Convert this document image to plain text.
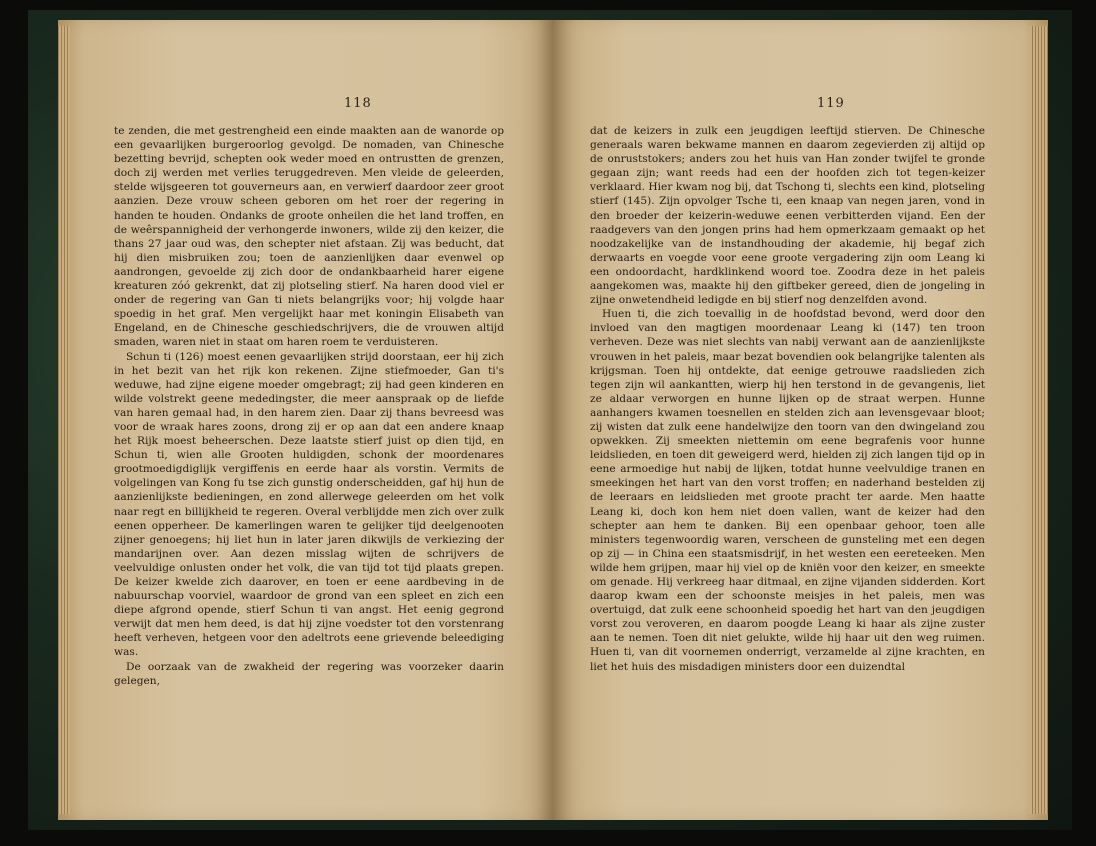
118

te zenden, die met gestrengheid een einde maakten aan de wanorde op een gevaarlijken burgeroorlog gevolgd. De nomaden, van Chinesche bezetting bevrijd, schepten ook weder moed en ontrustten de grenzen, doch zij werden met verlies teruggedreven. Men vleide de geleerden, stelde wijsgeeren tot gouverneurs aan, en verwierf daardoor zeer groot aanzien. Deze vrouw scheen geboren om het roer der regering in handen te houden. Ondanks de groote onheilen die het land troffen, en de weêrspannigheid der verhongerde inwoners, wilde zij den keizer, die thans 27 jaar oud was, den schepter niet afstaan. Zij was beducht, dat hij dien misbruiken zou; toen de aanzienlijken daar evenwel op aandrongen, gevoelde zij zich door de ondankbaarheid harer eigene kreaturen zóó gekrenkt, dat zij plotseling stierf. Na haren dood viel er onder de regering van Gan ti niets belangrijks voor; hij volgde haar spoedig in het graf. Men vergelijkt haar met koningin Elisabeth van Engeland, en de Chinesche geschiedschrijvers, die de vrouwen altijd smaden, waren niet in staat om haren roem te verduisteren.

Schun ti (126) moest eenen gevaarlijken strijd doorstaan, eer hij zich in het bezit van het rijk kon rekenen. Zijne stiefmoeder, Gan ti's weduwe, had zijne eigene moeder omgebragt; zij had geen kinderen en wilde volstrekt geene mededingster, die meer aanspraak op de liefde van haren gemaal had, in den harem zien. Daar zij thans bevreesd was voor de wraak hares zoons, drong zij er op aan dat een andere knaap het Rijk moest beheerschen. Deze laatste stierf juist op dien tijd, en Schun ti, wien alle Grooten huldigden, schonk der moordenares grootmoedigdiglijk vergiffenis en eerde haar als vorstin. Vermits de volgelingen van Kong fu tse zich gunstig onderscheidden, gaf hij hun de aanzienlijkste bedieningen, en zond allerwege geleerden om het volk naar regt en billijkheid te regeren. Overal verblijdde men zich over zulk eenen opperheer. De kamerlingen waren te gelijker tijd deelgenooten zijner genoegens; hij liet hun in later jaren dikwijls de verkiezing der mandarijnen over. Aan dezen misslag wijten de schrijvers de veelvuldige onlusten onder het volk, die van tijd tot tijd plaats grepen. De keizer kwelde zich daarover, en toen er eene aardbeving in de nabuurschap voorviel, waardoor de grond van een spleet en zich een diepe afgrond opende, stierf Schun ti van angst. Het eenig gegrond verwijt dat men hem deed, is dat hij zijne voedster tot den vorstenrang heeft verheven, hetgeen voor den adeltrots eene grievende beleediging was.

De oorzaak van de zwakheid der regering was voorzeker daarin gelegen,

119

dat de keizers in zulk een jeugdigen leeftijd stierven. De Chinesche generaals waren bekwame mannen en daarom zegevierden zij altijd op de onruststokers; anders zou het huis van Han zonder twijfel te gronde gegaan zijn; want reeds had een der hoofden zich tot tegen-keizer verklaard. Hier kwam nog bij, dat Tschong ti, slechts een kind, plotseling stierf (145). Zijn opvolger Tsche ti, een knaap van negen jaren, vond in den broeder der keizerin-weduwe eenen verbitterden vijand. Een der raadgevers van den jongen prins had hem opmerkzaam gemaakt op het noodzakelijke van de instandhouding der akademie, hij begaf zich derwaarts en voegde voor eene groote vergadering zijn oom Leang ki een ondoordacht, hardklinkend woord toe. Zoodra deze in het paleis aangekomen was, maakte hij den giftbeker gereed, dien de jongeling in zijne onwetendheid ledigde en bij stierf nog denzelfden avond.

Huen ti, die zich toevallig in de hoofdstad bevond, werd door den invloed van den magtigen moordenaar Leang ki (147) ten troon verheven. Deze was niet slechts van nabij verwant aan de aanzienlijkste vrouwen in het paleis, maar bezat bovendien ook belangrijke talenten als krijgsman. Toen hij ontdekte, dat eenige getrouwe raadslieden zich tegen zijn wil aankantten, wierp hij hen terstond in de gevangenis, liet ze aldaar verworgen en hunne lijken op de straat werpen. Hunne aanhangers kwamen toesnellen en stelden zich aan levensgevaar bloot; zij wisten dat zulk eene handelwijze den toorn van den dwingeland zou opwekken. Zij smeekten niettemin om eene begrafenis voor hunne leidslieden, en toen dit geweigerd werd, hielden zij zich langen tijd op in eene armoedige hut nabij de lijken, totdat hunne veelvuldige tranen en smeekingen het hart van den vorst troffen; en naderhand bestelden zij de leeraars en leidslieden met groote pracht ter aarde. Men haatte Leang ki, doch kon hem niet doen vallen, want de keizer had den schepter aan hem te danken. Bij een openbaar gehoor, toen alle ministers tegenwoordig waren, verscheen de gunsteling met een degen op zij — in China een staatsmisdrijf, in het westen een eereteeken. Men wilde hem grijpen, maar hij viel op de kniën voor den keizer, en smeekte om genade. Hij verkreeg haar ditmaal, en zijne vijanden sidderden. Kort daarop kwam een der schoonste meisjes in het paleis, men was overtuigd, dat zulk eene schoonheid spoedig het hart van den jeugdigen vorst zou veroveren, en daarom poogde Leang ki haar als zijne zuster aan te nemen. Toen dit niet gelukte, wilde hij haar uit den weg ruimen. Huen ti, van dit voornemen onderrigt, verzamelde al zijne krachten, en liet het huis des misdadigen ministers door een duizendtal
